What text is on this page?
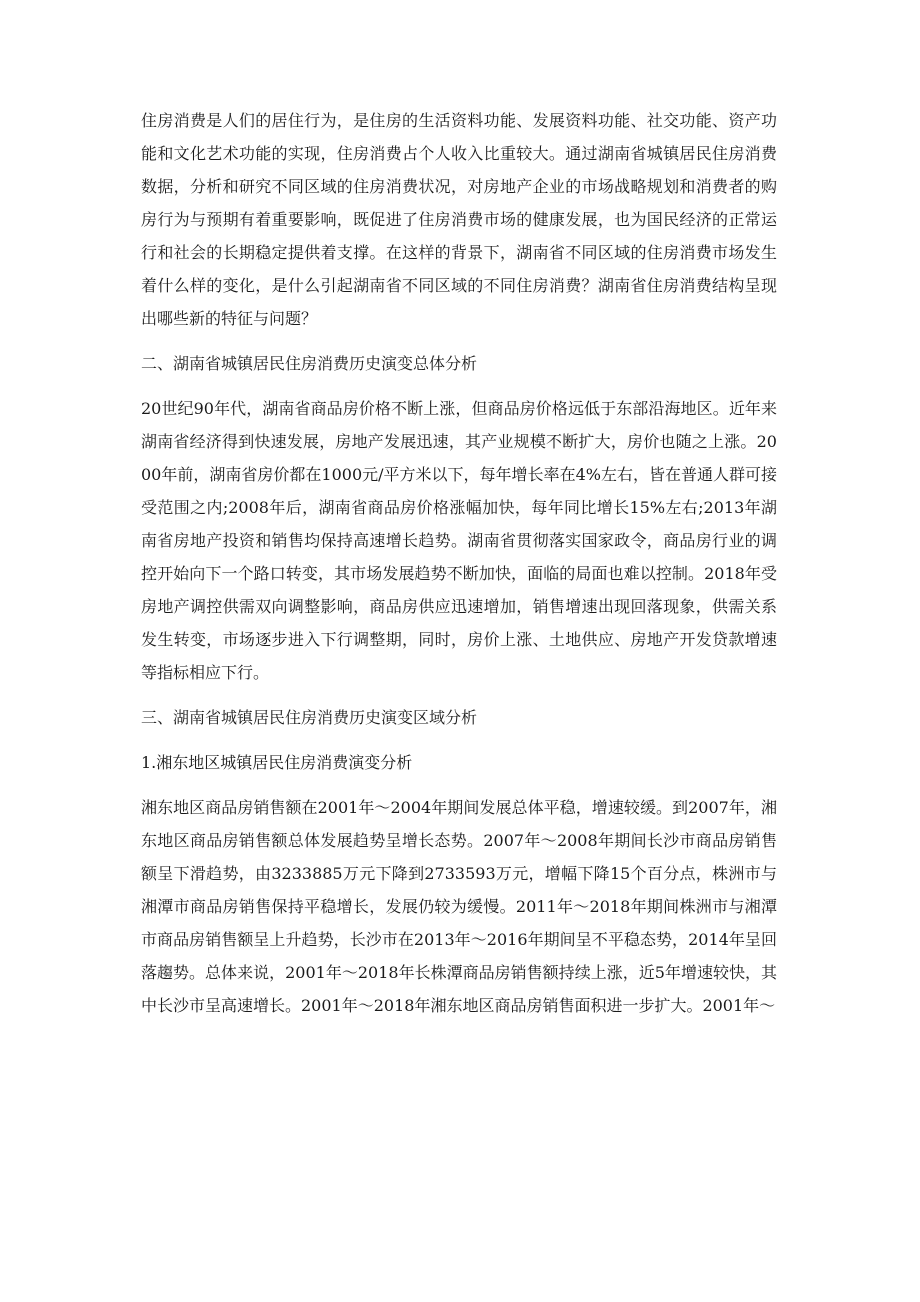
住房消费是人们的居住行为，是住房的生活资料功能、发展资料功能、社交功能、资产功能和文化艺术功能的实现，住房消费占个人收入比重较大。通过湖南省城镇居民住房消费数据，分析和研究不同区域的住房消费状况，对房地产企业的市场战略规划和消费者的购房行为与预期有着重要影响，既促进了住房消费市场的健康发展，也为国民经济的正常运行和社会的长期稳定提供着支撑。在这样的背景下，湖南省不同区域的住房消费市场发生着什么样的变化，是什么引起湖南省不同区域的不同住房消费？湖南省住房消费结构呈现出哪些新的特征与问题？

二、湖南省城镇居民住房消费历史演变总体分析

20世纪90年代，湖南省商品房价格不断上涨，但商品房价格远低于东部沿海地区。近年来湖南省经济得到快速发展，房地产发展迅速，其产业规模不断扩大，房价也随之上涨。2000年前，湖南省房价都在1000元/平方米以下，每年增长率在4%左右，皆在普通人群可接受范围之内;2008年后，湖南省商品房价格涨幅加快，每年同比增长15%左右;2013年湖南省房地产投资和销售均保持高速增长趋势。湖南省贯彻落实国家政令，商品房行业的调控开始向下一个路口转变，其市场发展趋势不断加快，面临的局面也难以控制。2018年受房地产调控供需双向调整影响，商品房供应迅速增加，销售增速出现回落现象，供需关系发生转变，市场逐步进入下行调整期，同时，房价上涨、土地供应、房地产开发贷款增速等指标相应下行。

三、湖南省城镇居民住房消费历史演变区域分析

1.湘东地区城镇居民住房消费演变分析

湘东地区商品房销售额在2001年～2004年期间发展总体平稳，增速较缓。到2007年，湘东地区商品房销售额总体发展趋势呈增长态势。2007年～2008年期间长沙市商品房销售额呈下滑趋势，由3233885万元下降到2733593万元，增幅下降15个百分点，株洲市与湘潭市商品房销售保持平稳增长，发展仍较为缓慢。2011年～2018年期间株洲市与湘潭市商品房销售额呈上升趋势，长沙市在2013年～2016年期间呈不平稳态势，2014年呈回落趨势。总体来说，2001年～2018年长株潭商品房销售额持续上涨，近5年增速较快，其中长沙市呈高速增长。2001年～2018年湘东地区商品房销售面积进一步扩大。2001年～
